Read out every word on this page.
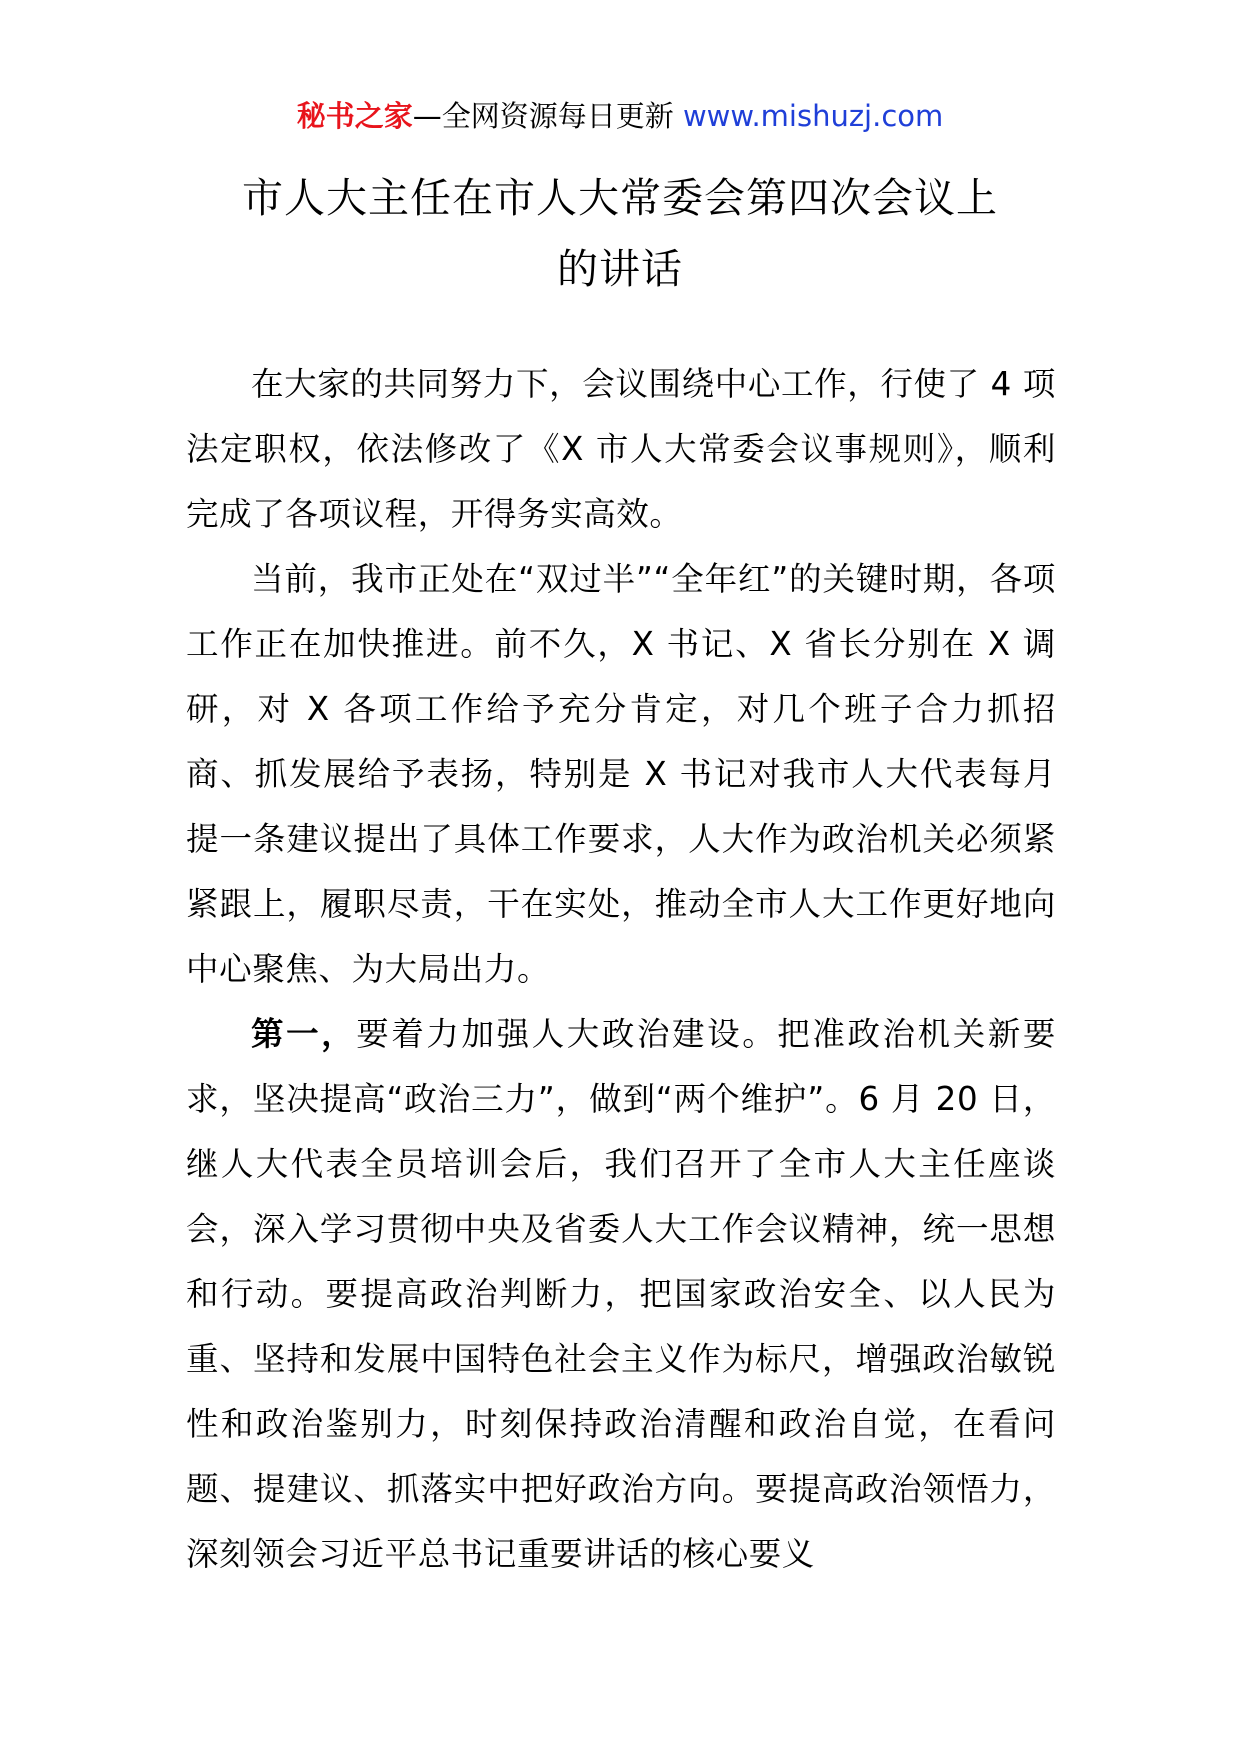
秘书之家—全网资源每日更新 www.mishuzj.com
市人大主任在市人大常委会第四次会议上
的讲话

在大家的共同努力下，会议围绕中心工作，行使了 4 项法定职权，依法修改了《X 市人大常委会议事规则》，顺利完成了各项议程，开得务实高效。

当前，我市正处在“双过半”“全年红”的关键时期，各项工作正在加快推进。前不久，X 书记、X 省长分别在 X 调研，对 X 各项工作给予充分肯定，对几个班子合力抓招商、抓发展给予表扬，特别是 X 书记对我市人大代表每月提一条建议提出了具体工作要求，人大作为政治机关必须紧紧跟上，履职尽责，干在实处，推动全市人大工作更好地向中心聚焦、为大局出力。

第一，要着力加强人大政治建设。把准政治机关新要求，坚决提高“政治三力”，做到“两个维护”。6 月 20 日，继人大代表全员培训会后，我们召开了全市人大主任座谈会，深入学习贯彻中央及省委人大工作会议精神，统一思想和行动。要提高政治判断力，把国家政治安全、以人民为重、坚持和发展中国特色社会主义作为标尺，增强政治敏锐性和政治鉴别力，时刻保持政治清醒和政治自觉，在看问题、提建议、抓落实中把好政治方向。要提高政治领悟力，深刻领会习近平总书记重要讲话的核心要义
